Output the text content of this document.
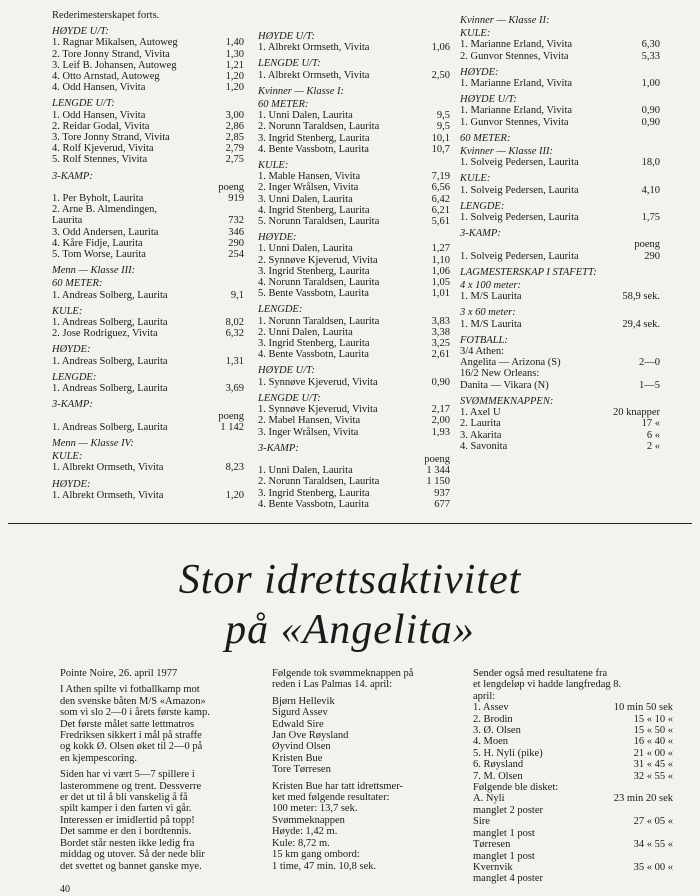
Rederimesterskapet forts.
HØYDE U/T:
1. Ragnar Mikalsen, Autoweg	1,40
2. Tore Jonny Strand, Vivita	1,30
3. Leif B. Johansen, Autoweg	1,21
4. Otto Arnstad, Autoweg	1,20
4. Odd Hansen, Vivita	1,20
LENGDE U/T:
1. Odd Hansen, Vivita	3,00
2. Reidar Godal, Vivita	2,86
3. Tore Jonny Strand, Vivita	2,85
4. Rolf Kjeverud, Vivita	2,79
5. Rolf Stennes, Vivita	2,75
3-KAMP:
poeng
1. Per Byholt, Laurita	919
2. Arne B. Almendingen,
Laurita	732
3. Odd Andersen, Laurita	346
4. Kåre Fidje, Laurita	290
5. Tom Worse, Laurita	254
Menn — Klasse III:
60 METER:
1. Andreas Solberg, Laurita	9,1
KULE:
1. Andreas Solberg, Laurita	8,02
2. Jose Rodriguez, Vivita	6,32
HØYDE:
1. Andreas Solberg, Laurita	1,31
LENGDE:
1. Andreas Solberg, Laurita	3,69
3-KAMP:
poeng
1. Andreas Solberg, Laurita	1 142
Menn — Klasse IV:
KULE:
1. Albrekt Ormseth, Vivita	8,23
HØYDE:
1. Albrekt Ormseth, Vivita	1,20
HØYDE U/T:
1. Albrekt Ormseth, Vivita	1,06
LENGDE U/T:
1. Albrekt Ormseth, Vivita	2,50
Kvinner — Klasse I:
60 METER:
1. Unni Dalen, Laurita	9,5
2. Norunn Taraldsen, Laurita	9,5
3. Ingrid Stenberg, Laurita	10,1
4. Bente Vassbotn, Laurita	10,7
KULE:
1. Mable Hansen, Vivita	7,19
2. Inger Wrålsen, Vivita	6,56
3. Unni Dalen, Laurita	6,42
4. Ingrid Stenberg, Laurita	6,21
5. Norunn Taraldsen, Laurita	5,61
HØYDE:
1. Unni Dalen, Laurita	1,27
2. Synnøve Kjeverud, Vivita	1,10
3. Ingrid Stenberg, Laurita	1,06
4. Norunn Taraldsen, Laurita	1,05
5. Bente Vassbotn, Laurita	1,01
LENGDE:
1. Norunn Taraldsen, Laurita	3,83
2. Unni Dalen, Laurita	3,38
3. Ingrid Stenberg, Laurita	3,25
4. Bente Vassbotn, Laurita	2,61
HØYDE U/T:
1. Synnøve Kjeverud, Vivita	0,90
LENGDE U/T:
1. Synnøve Kjeverud, Vivita	2,17
2. Mabel Hansen, Vivita	2,00
3. Inger Wrålsen, Vivita	1,93
3-KAMP:
poeng
1. Unni Dalen, Laurita	1 344
2. Norunn Taraldsen, Laurita	1 150
3. Ingrid Stenberg, Laurita	937
4. Bente Vassbotn, Laurita	677
Kvinner — Klasse II:
KULE:
1. Marianne Erland, Vivita	6,30
2. Gunvor Stennes, Vivita	5,33
HØYDE:
1. Marianne Erland, Vivita	1,00
HØYDE U/T:
1. Marianne Erland, Vivita	0,90
1. Gunvor Stennes, Vivita	0,90
60 METER:
Kvinner — Klasse III:
1. Solveig Pedersen, Laurita	18,0
KULE:
1. Solveig Pedersen, Laurita	4,10
LENGDE:
1. Solveig Pedersen, Laurita	1,75
3-KAMP:
poeng
1. Solveig Pedersen, Laurita	290
LAGMESTERSKAP I STAFETT:
4 x 100 meter:
1. M/S Laurita	58,9 sek.
3 x 60 meter:
1. M/S Laurita	29,4 sek.
FOTBALL:
3/4 Athen:
Angelita — Arizona (S)	2—0
16/2 New Orleans:
Danita — Vikara (N)	1—5
SVØMMEKNAPPEN:
1. Axel U	20 knapper
2. Laurita	17 «
3. Akarita	6 «
4. Savonita	2 «
Stor idrettsaktivitet
på «Angelita»

Pointe Noire, 26. april 1977

I Athen spilte vi fotballkamp mot

den svenske båten M/S «Amazon»

som vi slo 2—0 i årets første kamp.

Det første målet satte lettmatros

Fredriksen sikkert i mål på straffe

og kokk Ø. Olsen øket til 2—0 på

en kjempescoring.

Siden har vi vært 5—7 spillere i

lasterommene og trent. Dessverre

er det ut til å bli vanskelig å få

spilt kamper i den farten vi går.

Interessen er imidlertid på topp!

Det samme er den i bordtennis.

Bordet står nesten ikke ledig fra

middag og utover. Så der nede blir

det svettet og bannet ganske mye.

Følgende tok svømmeknappen på

reden i Las Palmas 14. april:

Bjørn Hellevik

Sigurd Assev

Edwald Sire

Jan Ove Røysland

Øyvind Olsen

Kristen Bue

Tore Tørresen

Kristen Bue har tatt idrettsmer-

ket med følgende resultater:

100 meter: 13,7 sek.

Svømmeknappen

Høyde: 1,42 m.

Kule: 8,72 m.

15 km gang ombord:

1 time, 47 min. 10,8 sek.

Sender også med resultatene fra

et lengdeløp vi hadde langfredag 8.

april:

1. Assev	10 min 50 sek
2. Brodin	15 « 10 «
3. Ø. Olsen	15 « 50 «
4. Moen	16 « 40 «
5. H. Nyli (pike)	21 « 00 «
6. Røysland	31 « 45 «
7. M. Olsen	32 « 55 «

Følgende ble disket:

A. Nyli	23 min 20 sek
manglet 2 poster
Sire	27 « 05 «
manglet 1 post
Tørresen	34 « 55 «
manglet 1 post
Kvernvik	35 « 00 «
manglet 4 poster
40
